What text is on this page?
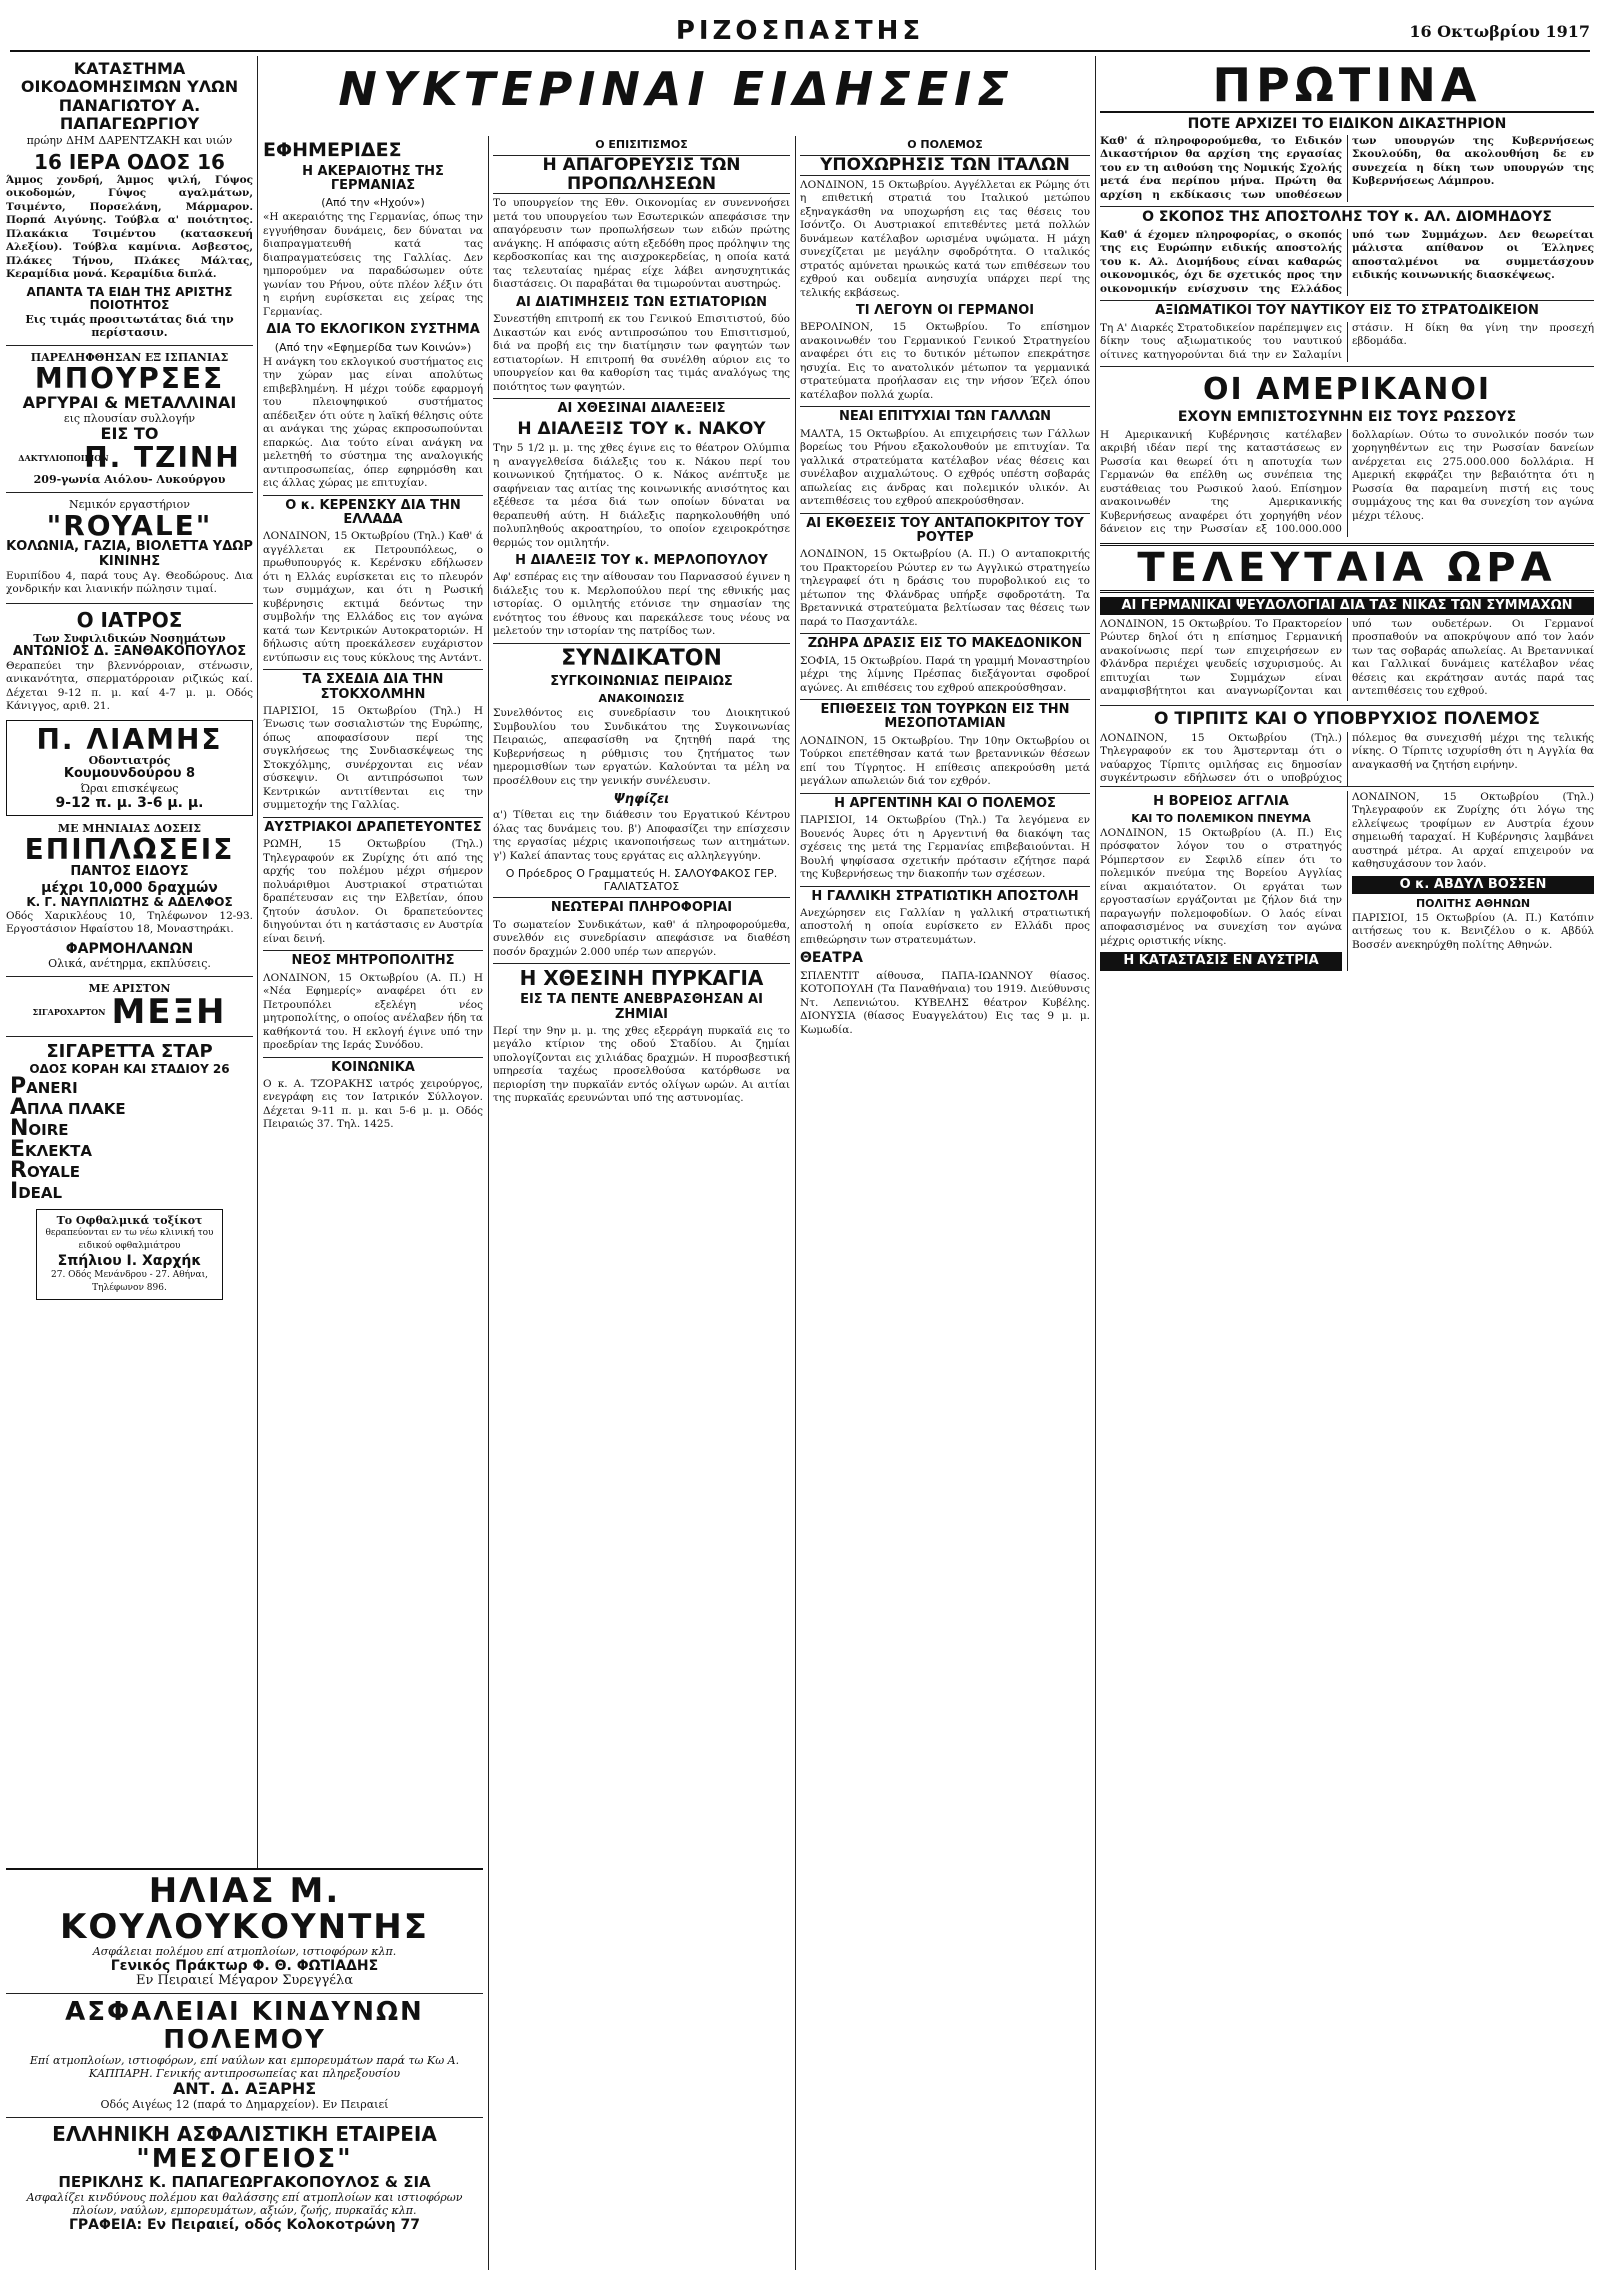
ΡΙΖΟΣΠΑΣΤΗΣ	16 Οκτωβρίου 1917
ΚΑΤΑΣΤΗΜΑ ΟΙΚΟΔΟΜΗΣΙΜΩΝ ΥΛΩΝ ΠΑΝΑΓΙΩΤΟΥ Α. ΠΑΠΑΓΕΩΡΓΙΟΥ
πρώην ΔΗΜ ΔΑΡΕΝΤΖΑΚΗ και υιών
16 ΙΕΡΑ ΟΔΟΣ 16

Άμμος χονδρή, Άμμος ψιλή, Γύψος οικοδομών, Γύψος αγαλμάτων, Τσιμέντο, Πορσελάνη, Μάρμαρον. Πορπά Αιγύνης. Τούβλα α' ποιότητος. Πλακάκια Τσιμέντου (κατασκευή Αλεξίου). Τούβλα καμίνια. Ασβεστος, Πλάκες Τήνου, Πλάκες Μάλτας, Κεραμίδια μονά. Κεραμίδια διπλά.

ΑΠΑΝΤΑ ΤΑ ΕΙΔΗ ΤΗΣ ΑΡΙΣΤΗΣ ΠΟΙΟΤΗΤΟΣ
Εις τιμάς προσιτωτάτας διά την περίστασιν.
ΠΑΡΕΛΗΦΘΗΣΑΝ ΕΞ ΙΣΠΑΝΙΑΣ
ΜΠΟΥΡΣΕΣ
ΑΡΓΥΡΑΙ & ΜΕΤΑΛΛΙΝΑΙ
εις πλουσίαν συλλογήν
ΕΙΣ ΤΟ
ΔΑΚΤΥΛΙΟΠΟΙΕΙΟΝ
Π. ΤΖΙΝΗ
209-γωνία Αιόλου- Λυκούργου
Νεμικόν εργαστήριον
"ROYALE"
ΚΟΛΩΝΙΑ, ΓΑΖΙΑ, ΒΙΟΛΕΤΤΑ ΥΔΩΡ ΚΙΝΙΝΗΣ

Ευριπίδου 4, παρά τους Αγ. Θεοδώρους. Δια χονδρικήν και λιανικήν πώλησιν τιμαί.

Ο ΙΑΤΡΟΣ
Των Συφιλιδικών Νοσημάτων
ΑΝΤΩΝΙΟΣ Δ. ΞΑΝΘΑΚΟΠΟΥΛΟΣ

Θεραπεύει την βλεννόρροιαν, στένωσιν, ανικανότητα, σπερματόρροιαν ριζικώς καί. Δέχεται 9-12 π. μ. καί 4-7 μ. μ. Οδός Κάνιγγος, αριθ. 21.

Π. ΛΙΑΜΗΣ
Οδοντιατρός
Κουμουνδούρου 8
Ώραι επισκέψεως
9-12 π. μ. 3-6 μ. μ.
ΜΕ ΜΗΝΙΑΙΑΣ ΔΟΣΕΙΣ
ΕΠΙΠΛΩΣΕΙΣ
ΠΑΝΤΟΣ ΕΙΔΟΥΣ
μέχρι 10,000 δραχμών
Κ. Γ. ΝΑΥΠΛΙΩΤΗΣ & ΑΔΕΛΦΟΣ

Οδός Χαρικλέους 10, Τηλέφωνον 12-93. Εργοστάσιον Ηφαίστου 18, Μοναστηράκι.

ΦΑΡΜΟΗΛΑΝΩΝ
Ολικά, ανέτηρμα, εκπλύσεις.
ΜΕ ΑΡΙΣΤΟΝ
ΣΙΓΑΡΟΧΑΡΤΟΝ ΜΕΞΗ
ΣΙΓΑΡΕΤΤΑ ΣΤΑΡ
ΟΔΟΣ ΚΟΡΑΗ ΚΑΙ ΣΤΑΔΙΟΥ 26
PANERI
AΠΛΑ ΠΛΑΚΕ
NOIRE
EΚΛΕΚΤΑ
ROYALE
IDEAL
Το Οφθαλμικά τοξίκοτ
θεραπεύονται εν τω νέω κλινική του ειδικού οφθαλμιάτρου
Σπήλιου Ι. Χαρχήκ
27. Οδός Μενάνδρου - 27. Αθήναι, Τηλέφωνον 896.
ΝΥΚΤΕΡΙΝΑΙ ΕΙΔΗΣΕΙΣ
ΕΦΗΜΕΡΙΔΕΣ
Η ΑΚΕΡΑΙΟΤΗΣ ΤΗΣ ΓΕΡΜΑΝΙΑΣ
(Από την «Ηχούν»)

«Η ακεραιότης της Γερμανίας, όπως την εγγυήθησαν δυνάμεις, δεν δύναται να διαπραγματευθή κατά τας διαπραγματεύσεις της Γαλλίας. Δεν ημπορούμεν να παραδώσωμεν ούτε γωνίαν του Ρήνου, ούτε πλέον λέξιν ότι η ειρήνη ευρίσκεται εις χείρας της Γερμανίας.

ΔΙΑ ΤΟ ΕΚΛΟΓΙΚΟΝ ΣΥΣΤΗΜΑ
(Από την «Εφημερίδα των Κοινών»)

Η ανάγκη του εκλογικού συστήματος εις την χώραν μας είναι απολύτως επιβεβλημένη. Η μέχρι τούδε εφαρμογή του πλειοψηφικού συστήματος απέδειξεν ότι ούτε η λαϊκή θέλησις ούτε αι ανάγκαι της χώρας εκπροσωπούνται επαρκώς. Δια τούτο είναι ανάγκη να μελετηθή το σύστημα της αναλογικής αντιπροσωπείας, όπερ εφηρμόσθη και εις άλλας χώρας με επιτυχίαν.

Ο κ. ΚΕΡΕΝΣΚΥ ΔΙΑ ΤΗΝ ΕΛΛΑΔΑ

ΛΟΝΔΙΝΟΝ, 15 Οκτωβρίου (Τηλ.) Καθ' ά αγγέλλεται εκ Πετρουπόλεως, ο πρωθυπουργός κ. Κερένσκυ εδήλωσεν ότι η Ελλάς ευρίσκεται εις το πλευρόν των συμμάχων, και ότι η Ρωσική κυβέρνησις εκτιμά δεόντως την συμβολήν της Ελλάδος εις τον αγώνα κατά των Κεντρικών Αυτοκρατοριών. Η δήλωσις αύτη προεκάλεσεν ευχάριστον εντύπωσιν εις τους κύκλους της Αντάντ.

ΤΑ ΣΧΕΔΙΑ ΔΙΑ ΤΗΝ ΣΤΟΚΧΟΛΜΗΝ

ΠΑΡΙΣΙΟΙ, 15 Οκτωβρίου (Τηλ.) Η Ένωσις των σοσιαλιστών της Ευρώπης, όπως αποφασίσουν περί της συγκλήσεως της Συνδιασκέψεως της Στοκχόλμης, συνέρχονται εις νέαν σύσκεψιν. Οι αντιπρόσωποι των Κεντρικών αντιτίθενται εις την συμμετοχήν της Γαλλίας.

ΑΥΣΤΡΙΑΚΟΙ ΔΡΑΠΕΤΕΥΟΝΤΕΣ

ΡΩΜΗ, 15 Οκτωβρίου (Τηλ.) Τηλεγραφούν εκ Ζυρίχης ότι από της αρχής του πολέμου μέχρι σήμερον πολυάριθμοι Αυστριακοί στρατιώται δραπέτευσαν εις την Ελβετίαν, όπου ζητούν άσυλον. Οι δραπετεύοντες διηγούνται ότι η κατάστασις εν Αυστρία είναι δεινή.

ΝΕΟΣ ΜΗΤΡΟΠΟΛΙΤΗΣ

ΛΟΝΔΙΝΟΝ, 15 Οκτωβρίου (Α. Π.) Η «Νέα Εφημερίς» αναφέρει ότι εν Πετρουπόλει εξελέγη νέος μητροπολίτης, ο οποίος ανέλαβεν ήδη τα καθήκοντά του. Η εκλογή έγινε υπό την προεδρίαν της Ιεράς Συνόδου.

ΚΟΙΝΩΝΙΚΑ

Ο κ. Α. ΤΖΟΡΑΚΗΣ ιατρός χειρούργος, ενεγράφη εις τον Ιατρικόν Σύλλογον. Δέχεται 9-11 π. μ. και 5-6 μ. μ. Οδός Πειραιώς 37. Τηλ. 1425.

Ο ΕΠΙΣΙΤΙΣΜΟΣ
Η ΑΠΑΓΟΡΕΥΣΙΣ ΤΩΝ ΠΡΟΠΩΛΗΣΕΩΝ

Το υπουργείον της Εθν. Οικονομίας εν συνεννοήσει μετά του υπουργείου των Εσωτερικών απεφάσισε την απαγόρευσιν των προπωλήσεων των ειδών πρώτης ανάγκης. Η απόφασις αύτη εξεδόθη προς πρόληψιν της κερδοσκοπίας και της αισχροκερδείας, η οποία κατά τας τελευταίας ημέρας είχε λάβει ανησυχητικάς διαστάσεις. Οι παραβάται θα τιμωρούνται αυστηρώς.

ΑΙ ΔΙΑΤΙΜΗΣΕΙΣ ΤΩΝ ΕΣΤΙΑΤΟΡΙΩΝ

Συνεστήθη επιτροπή εκ του Γενικού Επισιτιστού, δύο Δικαστών και ενός αντιπροσώπου του Επισιτισμού, διά να προβή εις την διατίμησιν των φαγητών των εστιατορίων. Η επιτροπή θα συνέλθη αύριον εις το υπουργείον και θα καθορίση τας τιμάς αναλόγως της ποιότητος των φαγητών.

ΑΙ ΧΘΕΣΙΝΑΙ ΔΙΑΛΕΞΕΙΣ
Η ΔΙΑΛΕΞΙΣ ΤΟΥ κ. ΝΑΚΟΥ

Την 5 1/2 μ. μ. της χθες έγινε εις το θέατρον Ολύμπια η αναγγελθείσα διάλεξις του κ. Νάκου περί του κοινωνικού ζητήματος. Ο κ. Νάκος ανέπτυξε με σαφήνειαν τας αιτίας της κοινωνικής ανισότητος και εξέθεσε τα μέσα διά των οποίων δύναται να θεραπευθή αύτη. Η διάλεξις παρηκολουθήθη υπό πολυπληθούς ακροατηρίου, το οποίον εχειροκρότησε θερμώς τον ομιλητήν.

Η ΔΙΑΛΕΞΙΣ ΤΟΥ κ. ΜΕΡΛΟΠΟΥΛΟΥ

Αφ' εσπέρας εις την αίθουσαν του Παρνασσού έγινεν η διάλεξις του κ. Μερλοπούλου περί της εθνικής μας ιστορίας. Ο ομιλητής ετόνισε την σημασίαν της ενότητος του έθνους και παρεκάλεσε τους νέους να μελετούν την ιστορίαν της πατρίδος των.

ΣΥΝΔΙΚΑΤΟΝ
ΣΥΓΚΟΙΝΩΝΙΑΣ ΠΕΙΡΑΙΩΣ
ΑΝΑΚΟΙΝΩΣΙΣ

Συνελθόντος εις συνεδρίασιν του Διοικητικού Συμβουλίου του Συνδικάτου της Συγκοινωνίας Πειραιώς, απεφασίσθη να ζητηθή παρά της Κυβερνήσεως η ρύθμισις του ζητήματος των ημερομισθίων των εργατών. Καλούνται τα μέλη να προσέλθουν εις την γενικήν συνέλευσιν.

Ψηφίζει

α') Τίθεται εις την διάθεσιν του Εργατικού Κέντρου όλας τας δυνάμεις του. β') Αποφασίζει την επίσχεσιν της εργασίας μέχρις ικανοποιήσεως των αιτημάτων. γ') Καλεί άπαντας τους εργάτας εις αλληλεγγύην.

Ο Πρόεδρος Ο Γραμματεύς Η. ΣΑΛΟΥΦΑΚΟΣ ΓΕΡ. ΓΑΛΙΑΤΣΑΤΟΣ
ΝΕΩΤΕΡΑΙ ΠΛΗΡΟΦΟΡΙΑΙ

Το σωματείον Συνδικάτων, καθ' ά πληροφορούμεθα, συνελθόν εις συνεδρίασιν απεφάσισε να διαθέση ποσόν δραχμών 2.000 υπέρ των απεργών.

Η ΧΘΕΣΙΝΗ ΠΥΡΚΑΓΙΑ
ΕΙΣ ΤΑ ΠΕΝΤΕ ΑΝΕΒΡΑΣΘΗΣΑΝ ΑΙ ΖΗΜΙΑΙ

Περί την 9ην μ. μ. της χθες εξερράγη πυρκαϊά εις το μεγάλο κτίριον της οδού Σταδίου. Αι ζημίαι υπολογίζονται εις χιλιάδας δραχμών. Η πυροσβεστική υπηρεσία ταχέως προσελθούσα κατόρθωσε να περιορίση την πυρκαϊάν εντός ολίγων ωρών. Αι αιτίαι της πυρκαϊάς ερευνώνται υπό της αστυνομίας.

Ο ΠΟΛΕΜΟΣ
ΥΠΟΧΩΡΗΣΙΣ ΤΩΝ ΙΤΑΛΩΝ

ΛΟΝΔΙΝΟΝ, 15 Οκτωβρίου. Αγγέλλεται εκ Ρώμης ότι η επιθετική στρατιά του Ιταλικού μετώπου εξηναγκάσθη να υποχωρήση εις τας θέσεις του Ισόντζο. Οι Αυστριακοί επιτεθέντες μετά πολλών δυνάμεων κατέλαβον ωρισμένα υψώματα. Η μάχη συνεχίζεται με μεγάλην σφοδρότητα. Ο ιταλικός στρατός αμύνεται ηρωικώς κατά των επιθέσεων του εχθρού και ουδεμία ανησυχία υπάρχει περί της τελικής εκβάσεως.

ΤΙ ΛΕΓΟΥΝ ΟΙ ΓΕΡΜΑΝΟΙ

ΒΕΡΟΛΙΝΟΝ, 15 Οκτωβρίου. Το επίσημον ανακοινωθέν του Γερμανικού Γενικού Στρατηγείου αναφέρει ότι εις το δυτικόν μέτωπον επεκράτησε ησυχία. Εις το ανατολικόν μέτωπον τα γερμανικά στρατεύματα προήλασαν εις την νήσον Έζελ όπου κατέλαβον πολλά χωρία.

ΝΕΑΙ ΕΠΙΤΥΧΙΑΙ ΤΩΝ ΓΑΛΛΩΝ

ΜΑΛΤΑ, 15 Οκτωβρίου. Αι επιχειρήσεις των Γάλλων βορείως του Ρήνου εξακολουθούν με επιτυχίαν. Τα γαλλικά στρατεύματα κατέλαβον νέας θέσεις και συνέλαβον αιχμαλώτους. Ο εχθρός υπέστη σοβαράς απωλείας εις άνδρας και πολεμικόν υλικόν. Αι αντεπιθέσεις του εχθρού απεκρούσθησαν.

ΑΙ ΕΚΘΕΣΕΙΣ ΤΟΥ ΑΝΤΑΠΟΚΡΙΤΟΥ ΤΟΥ ΡΟΥΤΕΡ

ΛΟΝΔΙΝΟΝ, 15 Οκτωβρίου (Α. Π.) Ο ανταποκριτής του Πρακτορείου Ρώυτερ εν τω Αγγλικώ στρατηγείω τηλεγραφεί ότι η δράσις του πυροβολικού εις το μέτωπον της Φλάνδρας υπήρξε σφοδροτάτη. Τα Βρεταννικά στρατεύματα βελτίωσαν τας θέσεις των παρά το Πασχαντάλε.

ΖΩΗΡΑ ΔΡΑΣΙΣ ΕΙΣ ΤΟ ΜΑΚΕΔΟΝΙΚΟΝ

ΣΟΦΙΑ, 15 Οκτωβρίου. Παρά τη γραμμή Μοναστηρίου μέχρι της λίμνης Πρέσπας διεξάγονται σφοδροί αγώνες. Αι επιθέσεις του εχθρού απεκρούσθησαν.

ΕΠΙΘΕΣΕΙΣ ΤΩΝ ΤΟΥΡΚΩΝ ΕΙΣ ΤΗΝ ΜΕΣΟΠΟΤΑΜΙΑΝ

ΛΟΝΔΙΝΟΝ, 15 Οκτωβρίου. Την 10ην Οκτωβρίου οι Τούρκοι επετέθησαν κατά των βρεταννικών θέσεων επί του Τίγρητος. Η επίθεσις απεκρούσθη μετά μεγάλων απωλειών διά τον εχθρόν.

Η ΑΡΓΕΝΤΙΝΗ ΚΑΙ Ο ΠΟΛΕΜΟΣ

ΠΑΡΙΣΙΟΙ, 14 Οκτωβρίου (Τηλ.) Τα λεγόμενα εν Βουενός Άυρες ότι η Αργεντινή θα διακόψη τας σχέσεις της μετά της Γερμανίας επιβεβαιούνται. Η Βουλή ψηφίσασα σχετικήν πρότασιν εζήτησε παρά της Κυβερνήσεως την διακοπήν των σχέσεων.

Η ΓΑΛΛΙΚΗ ΣΤΡΑΤΙΩΤΙΚΗ ΑΠΟΣΤΟΛΗ

Ανεχώρησεν εις Γαλλίαν η γαλλική στρατιωτική αποστολή η οποία ευρίσκετο εν Ελλάδι προς επιθεώρησιν των στρατευμάτων.

ΘΕΑΤΡΑ

ΣΠΛΕΝΤΙΤ αίθουσα, ΠΑΠΑ-ΙΩΑΝΝΟΥ θίασος. ΚΟΤΟΠΟΥΛΗ (Τα Παναθήναια) του 1919. Διεύθυνσις Ντ. Λεπενιώτου. ΚΥΒΕΛΗΣ θέατρον Κυβέλης. ΔΙΟΝΥΣΙΑ (θίασος Ευαγγελάτου) Εις τας 9 μ. μ. Κωμωδία.

ΠΡΩΤΙΝΑ
ΠΟΤΕ ΑΡΧΙΖΕΙ ΤΟ ΕΙΔΙΚΟΝ ΔΙΚΑΣΤΗΡΙΟΝ

Καθ' ά πληροφορούμεθα, το Ειδικόν Δικαστήριον θα αρχίση της εργασίας του εν τη αιθούση της Νομικής Σχολής μετά ένα περίπου μήνα. Πρώτη θα αρχίση η εκδίκασις των υποθέσεων των υπουργών της Κυβερνήσεως Σκουλούδη, θα ακολουθήση δε εν συνεχεία η δίκη των υπουργών της Κυβερνήσεως Λάμπρου.

Ο ΣΚΟΠΟΣ ΤΗΣ ΑΠΟΣΤΟΛΗΣ ΤΟΥ κ. ΑΛ. ΔΙΟΜΗΔΟΥΣ

Καθ' ά έχομεν πληροφορίας, ο σκοπός της εις Ευρώπην ειδικής αποστολής του κ. Αλ. Διομήδους είναι καθαρώς οικονομικός, όχι δε σχετικός προς την οικονομικήν ενίσχυσιν της Ελλάδος υπό των Συμμάχων. Δεν θεωρείται μάλιστα απίθανον οι Έλληνες αποσταλμένοι να συμμετάσχουν ειδικής κοινωνικής διασκέψεως.

ΑΞΙΩΜΑΤΙΚΟΙ ΤΟΥ ΝΑΥΤΙΚΟΥ ΕΙΣ ΤΟ ΣΤΡΑΤΟΔΙΚΕΙΟΝ

Τη Α' Διαρκές Στρατοδικείον παρέπεμψεν εις δίκην τους αξιωματικούς του ναυτικού οίτινες κατηγορούνται διά την εν Σαλαμίνι στάσιν. Η δίκη θα γίνη την προσεχή εβδομάδα.

ΟΙ ΑΜΕΡΙΚΑΝΟΙ
ΕΧΟΥΝ ΕΜΠΙΣΤΟΣΥΝΗΝ ΕΙΣ ΤΟΥΣ ΡΩΣΣΟΥΣ

Η Αμερικανική Κυβέρνησις κατέλαβεν ακριβή ιδέαν περί της καταστάσεως εν Ρωσσία και θεωρεί ότι η αποτυχία των Γερμανών θα επέλθη ως συνέπεια της ευστάθειας του Ρωσικού λαού. Επίσημον ανακοινωθέν της Αμερικανικής Κυβερνήσεως αναφέρει ότι χορηγήθη νέον δάνειον εις την Ρωσσίαν εξ 100.000.000 δολλαρίων. Ούτω το συνολικόν ποσόν των χορηγηθέντων εις την Ρωσσίαν δανείων ανέρχεται εις 275.000.000 δολλάρια. Η Αμερική εκφράζει την βεβαιότητα ότι η Ρωσσία θα παραμείνη πιστή εις τους συμμάχους της και θα συνεχίση τον αγώνα μέχρι τέλους.

ΤΕΛΕΥΤΑΙΑ ΩΡΑ
ΑΙ ΓΕΡΜΑΝΙΚΑΙ ΨΕΥΔΟΛΟΓΙΑΙ ΔΙΑ ΤΑΣ ΝΙΚΑΣ ΤΩΝ ΣΥΜΜΑΧΩΝ

ΛΟΝΔΙΝΟΝ, 15 Οκτωβρίου. Το Πρακτορείον Ρώυτερ δηλοί ότι η επίσημος Γερμανική ανακοίνωσις περί των επιχειρήσεων εν Φλάνδρα περιέχει ψευδείς ισχυρισμούς. Αι επιτυχίαι των Συμμάχων είναι αναμφισβήτητοι και αναγνωρίζονται και υπό των ουδετέρων. Οι Γερμανοί προσπαθούν να αποκρύψουν από τον λαόν των τας σοβαράς απωλείας. Αι Βρεταννικαί και Γαλλικαί δυνάμεις κατέλαβον νέας θέσεις και εκράτησαν αυτάς παρά τας αντεπιθέσεις του εχθρού.

Ο ΤΙΡΠΙΤΣ ΚΑΙ Ο ΥΠΟΒΡΥΧΙΟΣ ΠΟΛΕΜΟΣ

ΛΟΝΔΙΝΟΝ, 15 Οκτωβρίου (Τηλ.) Τηλεγραφούν εκ του Άμστερνταμ ότι ο ναύαρχος Τίρπιτς ομιλήσας εις δημοσίαν συγκέντρωσιν εδήλωσεν ότι ο υποβρύχιος πόλεμος θα συνεχισθή μέχρι της τελικής νίκης. Ο Τίρπιτς ισχυρίσθη ότι η Αγγλία θα αναγκασθή να ζητήση ειρήνην.

Η ΒΟΡΕΙΟΣ ΑΓΓΛΙΑ
ΚΑΙ ΤΟ ΠΟΛΕΜΙΚΟΝ ΠΝΕΥΜΑ

ΛΟΝΔΙΝΟΝ, 15 Οκτωβρίου (Α. Π.) Εις πρόσφατον λόγον του ο στρατηγός Ρόμπερτσον εν Σεφιλδ είπεν ότι το πολεμικόν πνεύμα της Βορείου Αγγλίας είναι ακμαιότατον. Οι εργάται των εργοστασίων εργάζονται με ζήλον διά την παραγωγήν πολεμοφοδίων. Ο λαός είναι αποφασισμένος να συνεχίση τον αγώνα μέχρις οριστικής νίκης.

Η ΚΑΤΑΣΤΑΣΙΣ ΕΝ ΑΥΣΤΡΙΑ

ΛΟΝΔΙΝΟΝ, 15 Οκτωβρίου (Τηλ.) Τηλεγραφούν εκ Ζυρίχης ότι λόγω της ελλείψεως τροφίμων εν Αυστρία έχουν σημειωθή ταραχαί. Η Κυβέρνησις λαμβάνει αυστηρά μέτρα. Αι αρχαί επιχειρούν να καθησυχάσουν τον λαόν.

Ο κ. ΑΒΔΥΛ ΒΟΣΣΕΝ
ΠΟΛΙΤΗΣ ΑΘΗΝΩΝ

ΠΑΡΙΣΙΟΙ, 15 Οκτωβρίου (Α. Π.) Κατόπιν αιτήσεως του κ. Βενιζέλου ο κ. Αβδύλ Βοσσέν ανεκηρύχθη πολίτης Αθηνών.

ΗΛΙΑΣ Μ. ΚΟΥΛΟΥΚΟΥΝΤΗΣ
Ασφάλειαι πολέμου επί ατμοπλοίων, ιστιοφόρων κλπ.
Γενικός Πράκτωρ Φ. Θ. ΦΩΤΙΑΔΗΣ
Εν Πειραιεί Μέγαρον Συρεγγέλα
ΑΣΦΑΛΕΙΑΙ ΚΙΝΔΥΝΩΝ ΠΟΛΕΜΟΥ
Επί ατμοπλοίων, ιστιοφόρων, επί ναύλων και εμπορευμάτων παρά τω Κω Α. ΚΑΠΠΑΡΗ. Γενικής αντιπροσωπείας και πληρεξουσίου
ΑΝΤ. Δ. ΑΞΑΡΗΣ
Οδός Αιγέως 12 (παρά το Δημαρχείον). Εν Πειραιεί
ΕΛΛΗΝΙΚΗ ΑΣΦΑΛΙΣΤΙΚΗ ΕΤΑΙΡΕΙΑ
"ΜΕΣΟΓΕΙΟΣ"
ΠΕΡΙΚΛΗΣ Κ. ΠΑΠΑΓΕΩΡΓΑΚΟΠΟΥΛΟΣ & ΣΙΑ
Ασφαλίζει κινδύνους πολέμου και θαλάσσης επί ατμοπλοίων και ιστιοφόρων πλοίων, ναύλων, εμπορευμάτων, αξιών, ζωής, πυρκαϊάς κλπ.
ΓΡΑΦΕΙΑ: Εν Πειραιεί, οδός Κολοκοτρώνη 77
